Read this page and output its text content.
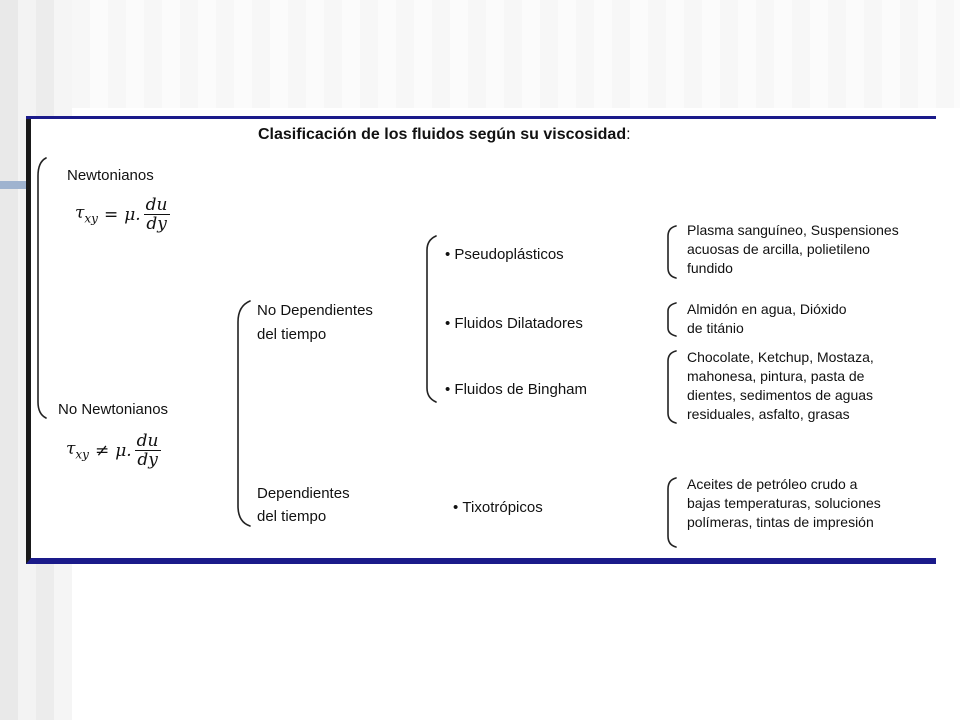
Clasificación de los fluidos según su viscosidad:
Newtonianos
$\tau_{xy} = \mu$. $\frac{du}{dy}$
No Newtonianos
$\tau_{xy} \ne \mu$. $\frac{du}{dy}$
No Dependientes
del tiempo
Dependientes
del tiempo
• Pseudoplásticos
• Fluidos Dilatadores
• Fluidos de Bingham
• Tixotrópicos
Plasma sanguíneo, Suspensiones
acuosas de arcilla, polietileno
fundido
Almidón en agua, Dióxido
de titánio
Chocolate, Ketchup, Mostaza,
mahonesa, pintura, pasta de
dientes, sedimentos de aguas
residuales, asfalto, grasas
Aceites de petróleo crudo a
bajas temperaturas, soluciones
polímeras, tintas de impresión
